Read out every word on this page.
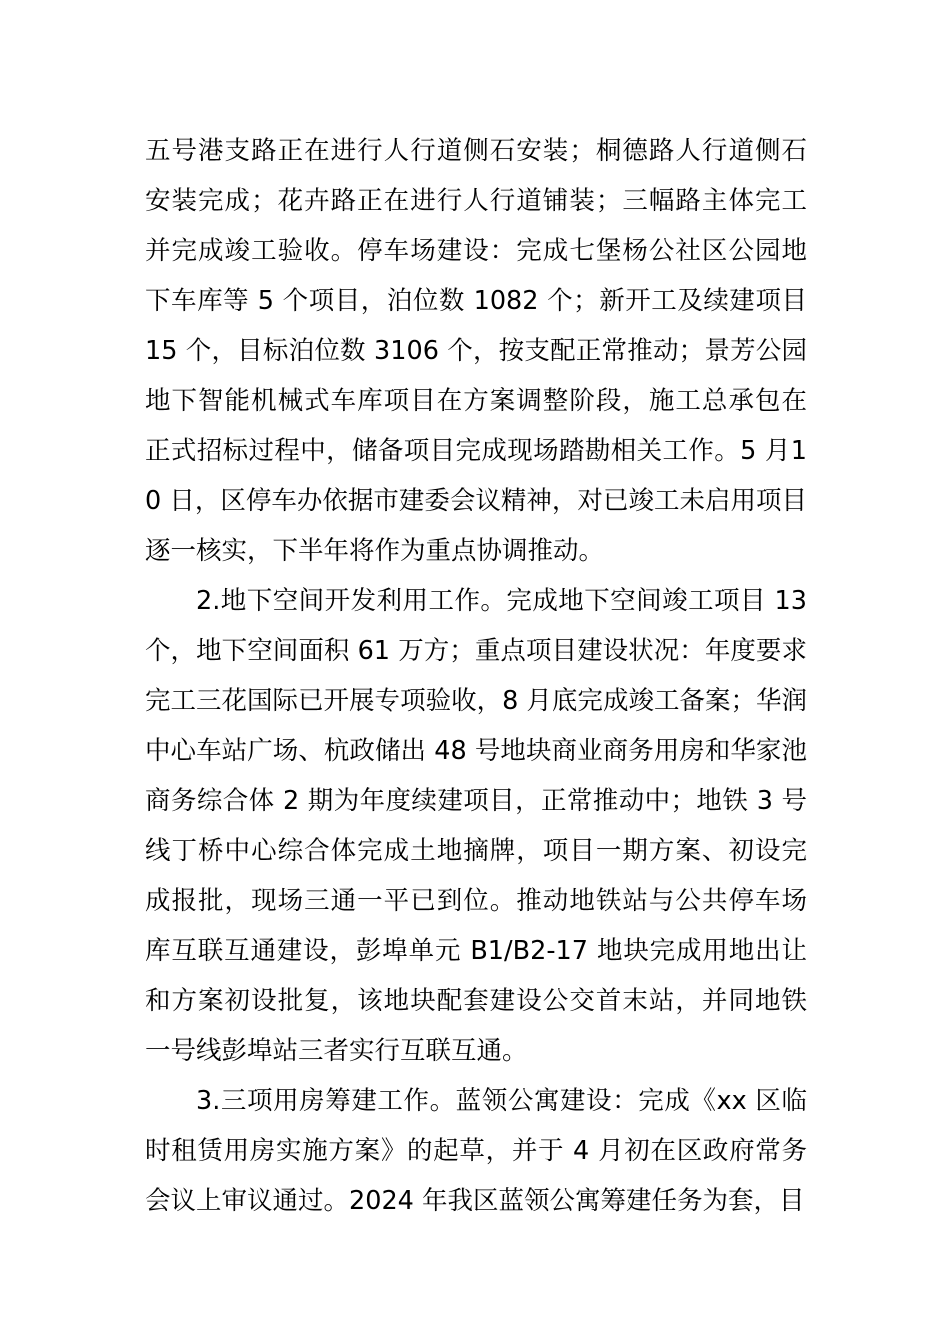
五号港支路正在进行人行道侧石安装；桐德路人行道侧石安装完成；花卉路正在进行人行道铺装；三幅路主体完工并完成竣工验收。停车场建设：完成七堡杨公社区公园地下车库等 5 个项目，泊位数 1082 个；新开工及续建项目15 个，目标泊位数 3106 个，按支配正常推动；景芳公园地下智能机械式车库项目在方案调整阶段，施工总承包在正式招标过程中，储备项目完成现场踏勘相关工作。5 月10 日，区停车办依据市建委会议精神，对已竣工未启用项目逐一核实，下半年将作为重点协调推动。

2.地下空间开发利用工作。完成地下空间竣工项目 13个，地下空间面积 61 万方；重点项目建设状况：年度要求完工三花国际已开展专项验收，8 月底完成竣工备案；华润中心车站广场、杭政储出 48 号地块商业商务用房和华家池商务综合体 2 期为年度续建项目，正常推动中；地铁 3 号线丁桥中心综合体完成土地摘牌，项目一期方案、初设完成报批，现场三通一平已到位。推动地铁站与公共停车场库互联互通建设，彭埠单元 B1/B2-17 地块完成用地出让和方案初设批复，该地块配套建设公交首末站，并同地铁一号线彭埠站三者实行互联互通。

3.三项用房筹建工作。蓝领公寓建设：完成《xx 区临时租赁用房实施方案》的起草，并于 4 月初在区政府常务会议上审议通过。2024 年我区蓝领公寓筹建任务为套，目
